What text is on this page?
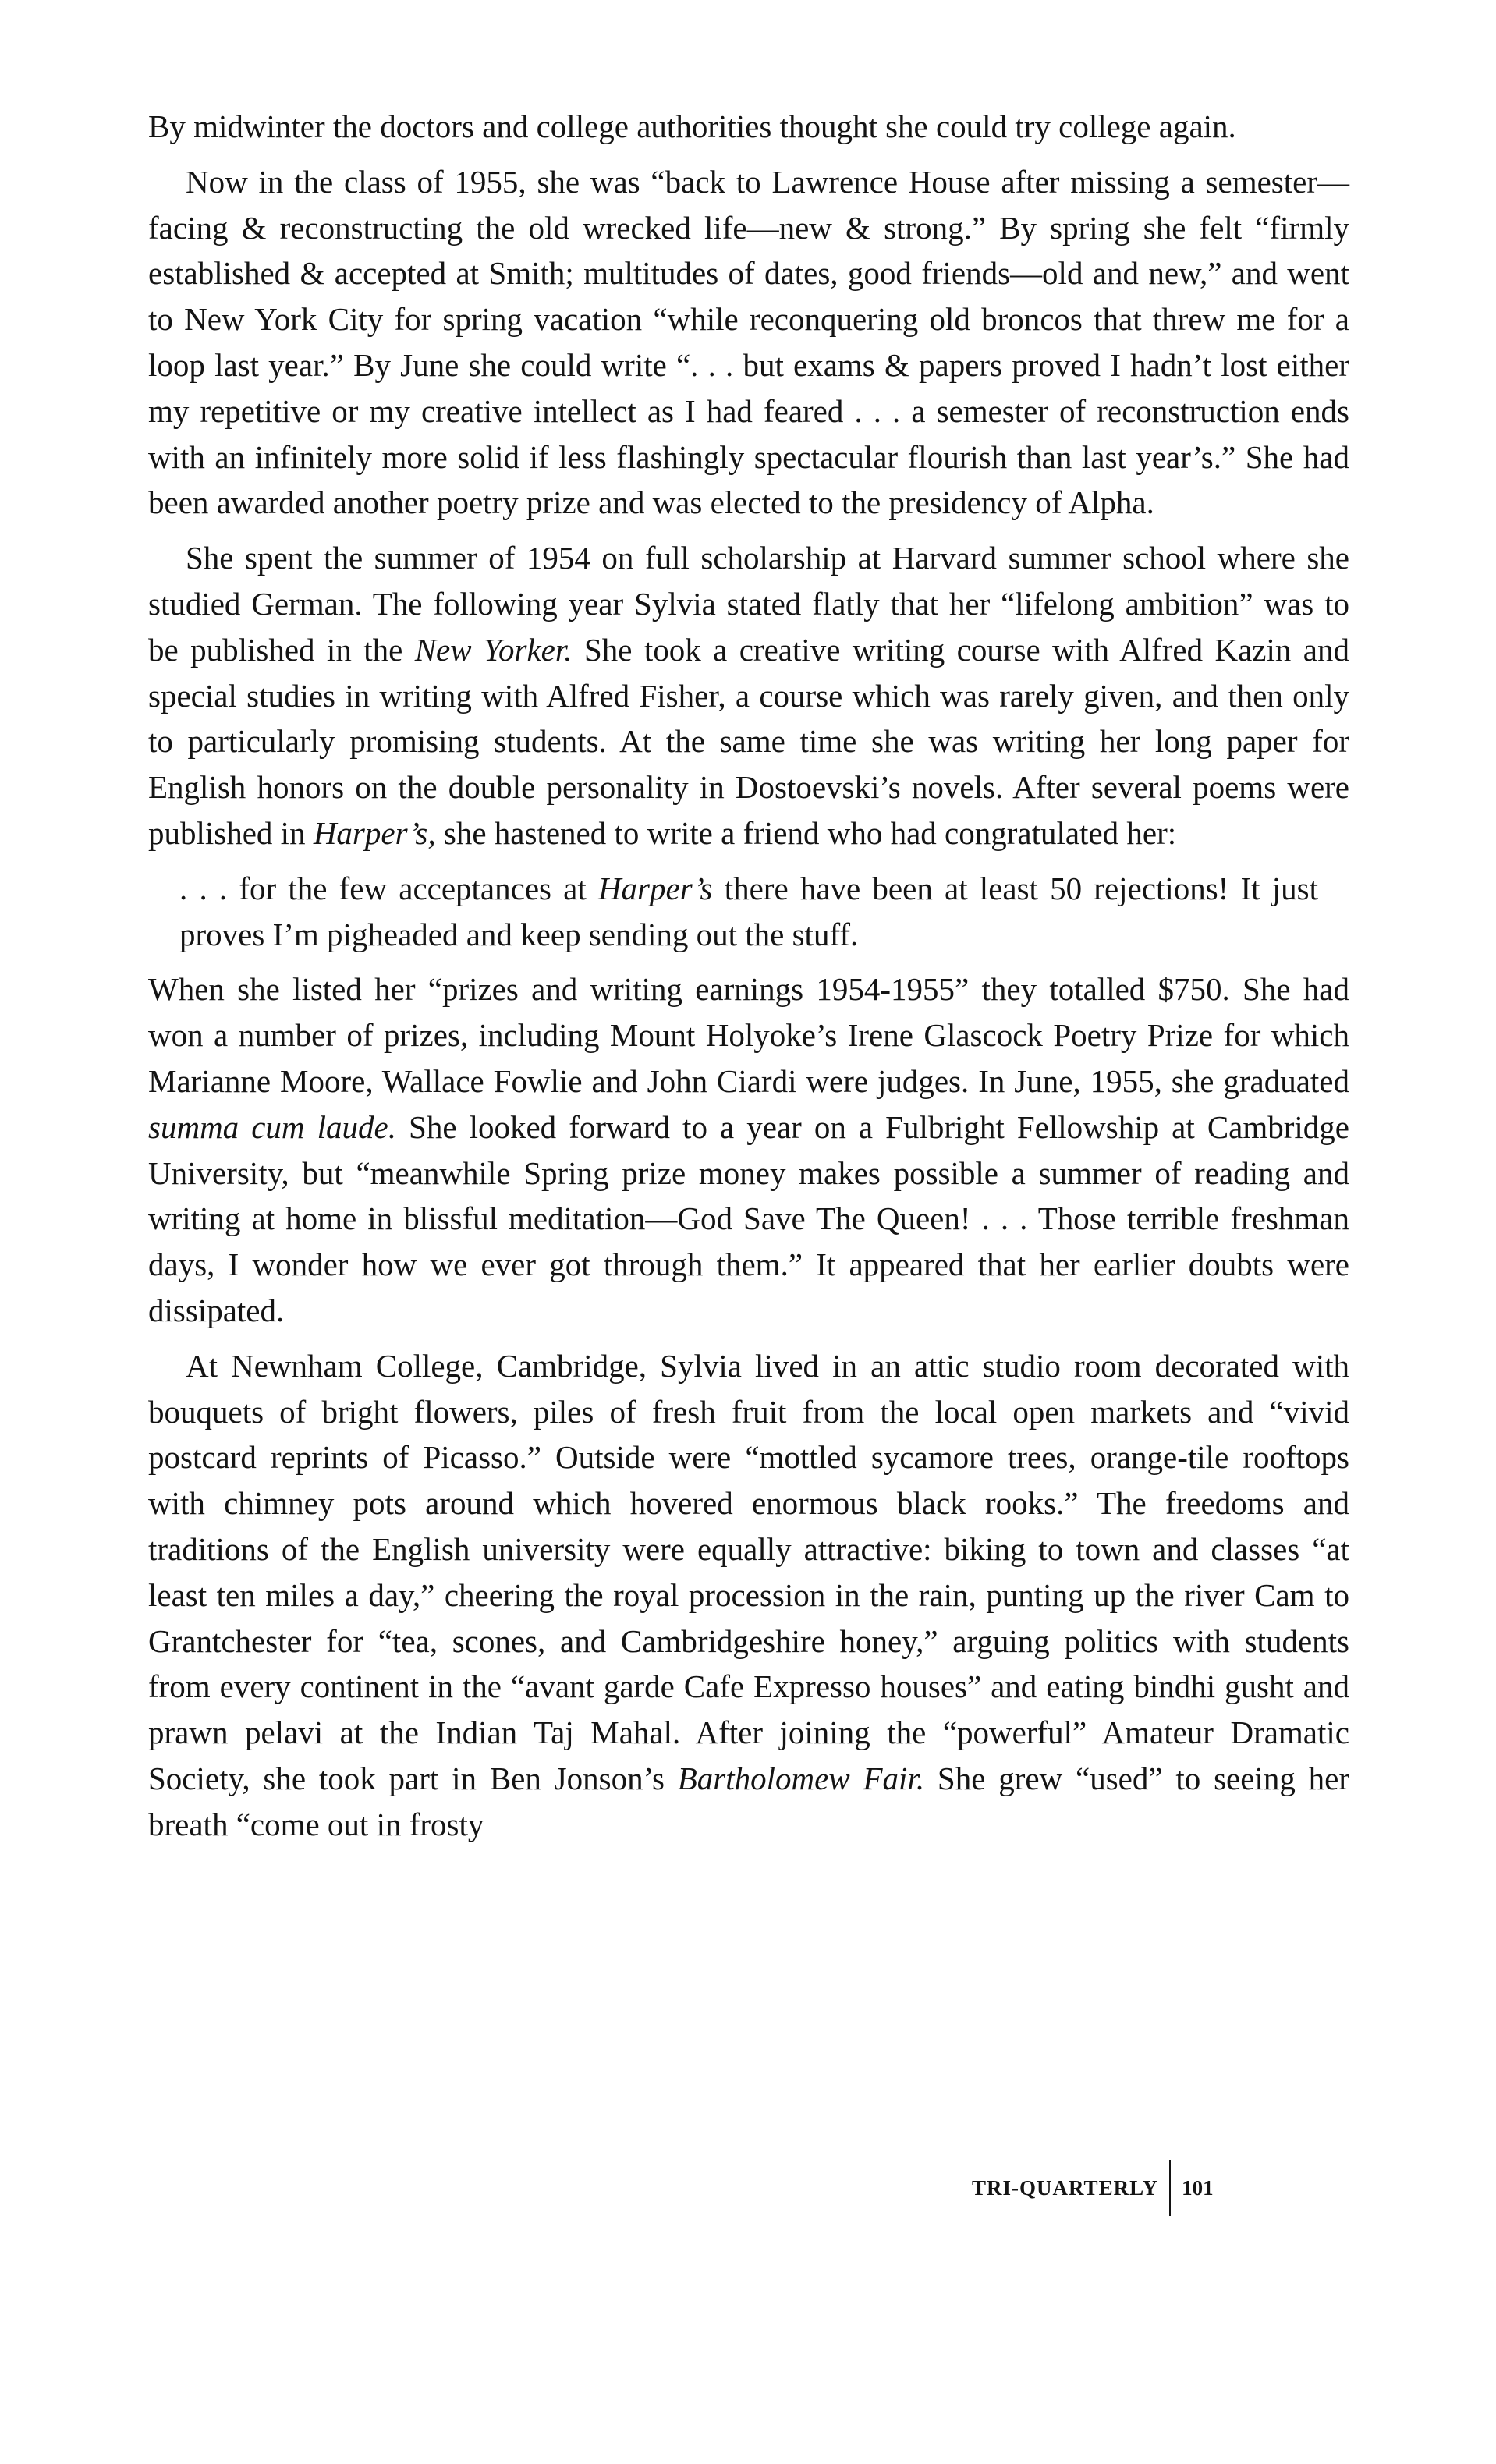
By midwinter the doctors and college authorities thought she could try college again.

Now in the class of 1955, she was “back to Lawrence House after missing a semester—facing & reconstructing the old wrecked life—new & strong.” By spring she felt “firmly established & accepted at Smith; multitudes of dates, good friends—old and new,” and went to New York City for spring vacation “while reconquering old broncos that threw me for a loop last year.” By June she could write “. . . but exams & papers proved I hadn’t lost either my repetitive or my creative intellect as I had feared . . . a semester of reconstruction ends with an infinitely more solid if less flashingly spectacular flourish than last year’s.” She had been awarded another poetry prize and was elected to the presidency of Alpha.

She spent the summer of 1954 on full scholarship at Harvard summer school where she studied German. The following year Sylvia stated flatly that her “lifelong ambition” was to be published in the New Yorker. She took a creative writing course with Alfred Kazin and special studies in writing with Alfred Fisher, a course which was rarely given, and then only to particularly promising students. At the same time she was writing her long paper for English honors on the double personality in Dostoevski’s novels. After several poems were published in Harper’s, she hastened to write a friend who had congratulated her:

. . . for the few acceptances at Harper’s there have been at least 50 rejections! It just proves I’m pigheaded and keep sending out the stuff.

When she listed her “prizes and writing earnings 1954-1955” they totalled $750. She had won a number of prizes, including Mount Holyoke’s Irene Glascock Poetry Prize for which Marianne Moore, Wallace Fowlie and John Ciardi were judges. In June, 1955, she graduated summa cum laude. She looked forward to a year on a Fulbright Fellowship at Cambridge University, but “meanwhile Spring prize money makes possible a summer of reading and writing at home in blissful meditation—God Save The Queen! . . . Those terrible freshman days, I wonder how we ever got through them.” It appeared that her earlier doubts were dissipated.

At Newnham College, Cambridge, Sylvia lived in an attic studio room decorated with bouquets of bright flowers, piles of fresh fruit from the local open markets and “vivid postcard reprints of Picasso.” Outside were “mottled sycamore trees, orange-tile rooftops with chimney pots around which hovered enormous black rooks.” The freedoms and traditions of the English university were equally attractive: biking to town and classes “at least ten miles a day,” cheering the royal procession in the rain, punting up the river Cam to Grantchester for “tea, scones, and Cambridgeshire honey,” arguing politics with students from every continent in the “avant garde Cafe Expresso houses” and eating bindhi gusht and prawn pelavi at the Indian Taj Mahal. After joining the “powerful” Amateur Dramatic Society, she took part in Ben Jonson’s Bartholomew Fair. She grew “used” to seeing her breath “come out in frosty

TRI-QUARTERLY	101
